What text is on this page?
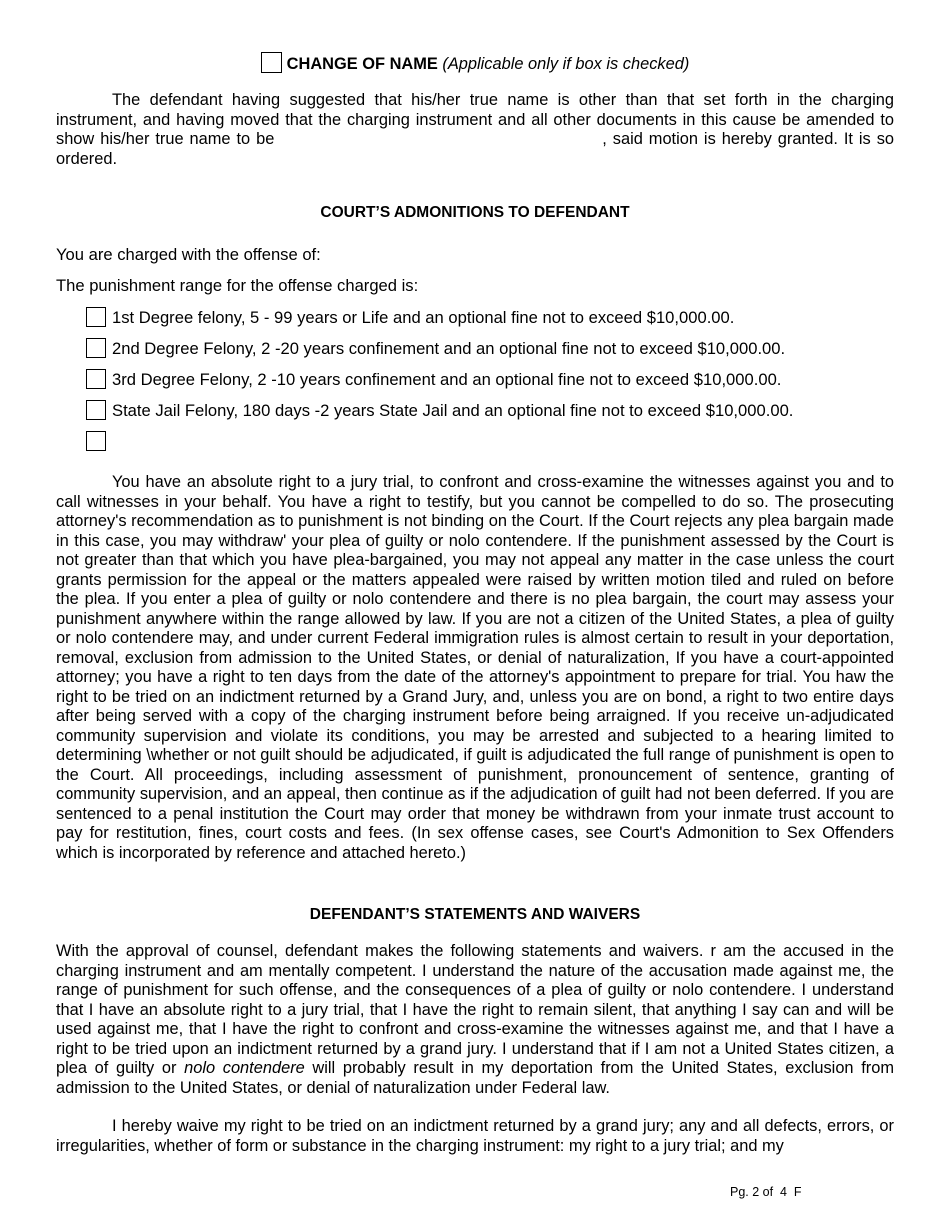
CHANGE OF NAME (Applicable only if box is checked)

The defendant having suggested that his/her true name is other than that set forth in the charging instrument, and having moved that the charging instrument and all other documents in this cause be amended to show his/her true name to be	, said motion is hereby granted. It is so ordered.

COURT’S ADMONITIONS TO DEFENDANT
You are charged with the offense of:
The punishment range for the offense charged is:
1st Degree felony, 5 - 99 years or Life and an optional fine not to exceed $10,000.00.
2nd Degree Felony, 2 -20 years confinement and an optional fine not to exceed $10,000.00.
3rd Degree Felony, 2 -10 years confinement and an optional fine not to exceed $10,000.00.
State Jail Felony, 180 days -2 years State Jail and an optional fine not to exceed $10,000.00.

You have an absolute right to a jury trial, to confront and cross-examine the witnesses against you and to call witnesses in your behalf. You have a right to testify, but you cannot be compelled to do so. The prosecuting attorney's recommendation as to punishment is not binding on the Court. If the Court rejects any plea bargain made in this case, you may withdraw' your plea of guilty or nolo contendere. If the punishment assessed by the Court is not greater than that which you have plea-bargained, you may not appeal any matter in the case unless the court grants permission for the appeal or the matters appealed were raised by written motion tiled and ruled on before the plea. If you enter a plea of guilty or nolo contendere and there is no plea bargain, the court may assess your punishment anywhere within the range allowed by law. If you are not a citizen of the United States, a plea of guilty or nolo contendere may, and under current Federal immigration rules is almost certain to result in your deportation, removal, exclusion from admission to the United States, or denial of naturalization, If you have a court-appointed attorney; you have a right to ten days from the date of the attorney's appointment to prepare for trial. You haw the right to be tried on an indictment returned by a Grand Jury, and, unless you are on bond, a right to two entire days after being served with a copy of the charging instrument before being arraigned. If you receive un-adjudicated community supervision and violate its conditions, you may be arrested and subjected to a hearing limited to determining \whether or not guilt should be adjudicated, if guilt is adjudicated the full range of punishment is open to the Court. All proceedings, including assessment of punishment, pronouncement of sentence, granting of community supervision, and an appeal, then continue as if the adjudication of guilt had not been deferred. If you are sentenced to a penal institution the Court may order that money be withdrawn from your inmate trust account to pay for restitution, fines, court costs and fees. (In sex offense cases, see Court's Admonition to Sex Offenders which is incorporated by reference and attached hereto.)

DEFENDANT’S STATEMENTS AND WAIVERS

With the approval of counsel, defendant makes the following statements and waivers. r am the accused in the charging instrument and am mentally competent. I understand the nature of the accusation made against me, the range of punishment for such offense, and the consequences of a plea of guilty or nolo contendere. I understand that I have an absolute right to a jury trial, that I have the right to remain silent, that anything I say can and will be used against me, that I have the right to confront and cross-examine the witnesses against me, and that I have a right to be tried upon an indictment returned by a grand jury. I understand that if I am not a United States citizen, a plea of guilty or nolo contendere will probably result in my deportation from the United States, exclusion from admission to the United States, or denial of naturalization under Federal law.

I hereby waive my right to be tried on an indictment returned by a grand jury; any and all defects, errors, or irregularities, whether of form or substance in the charging instrument: my right to a jury trial; and my

Pg. 2 of  4  F
